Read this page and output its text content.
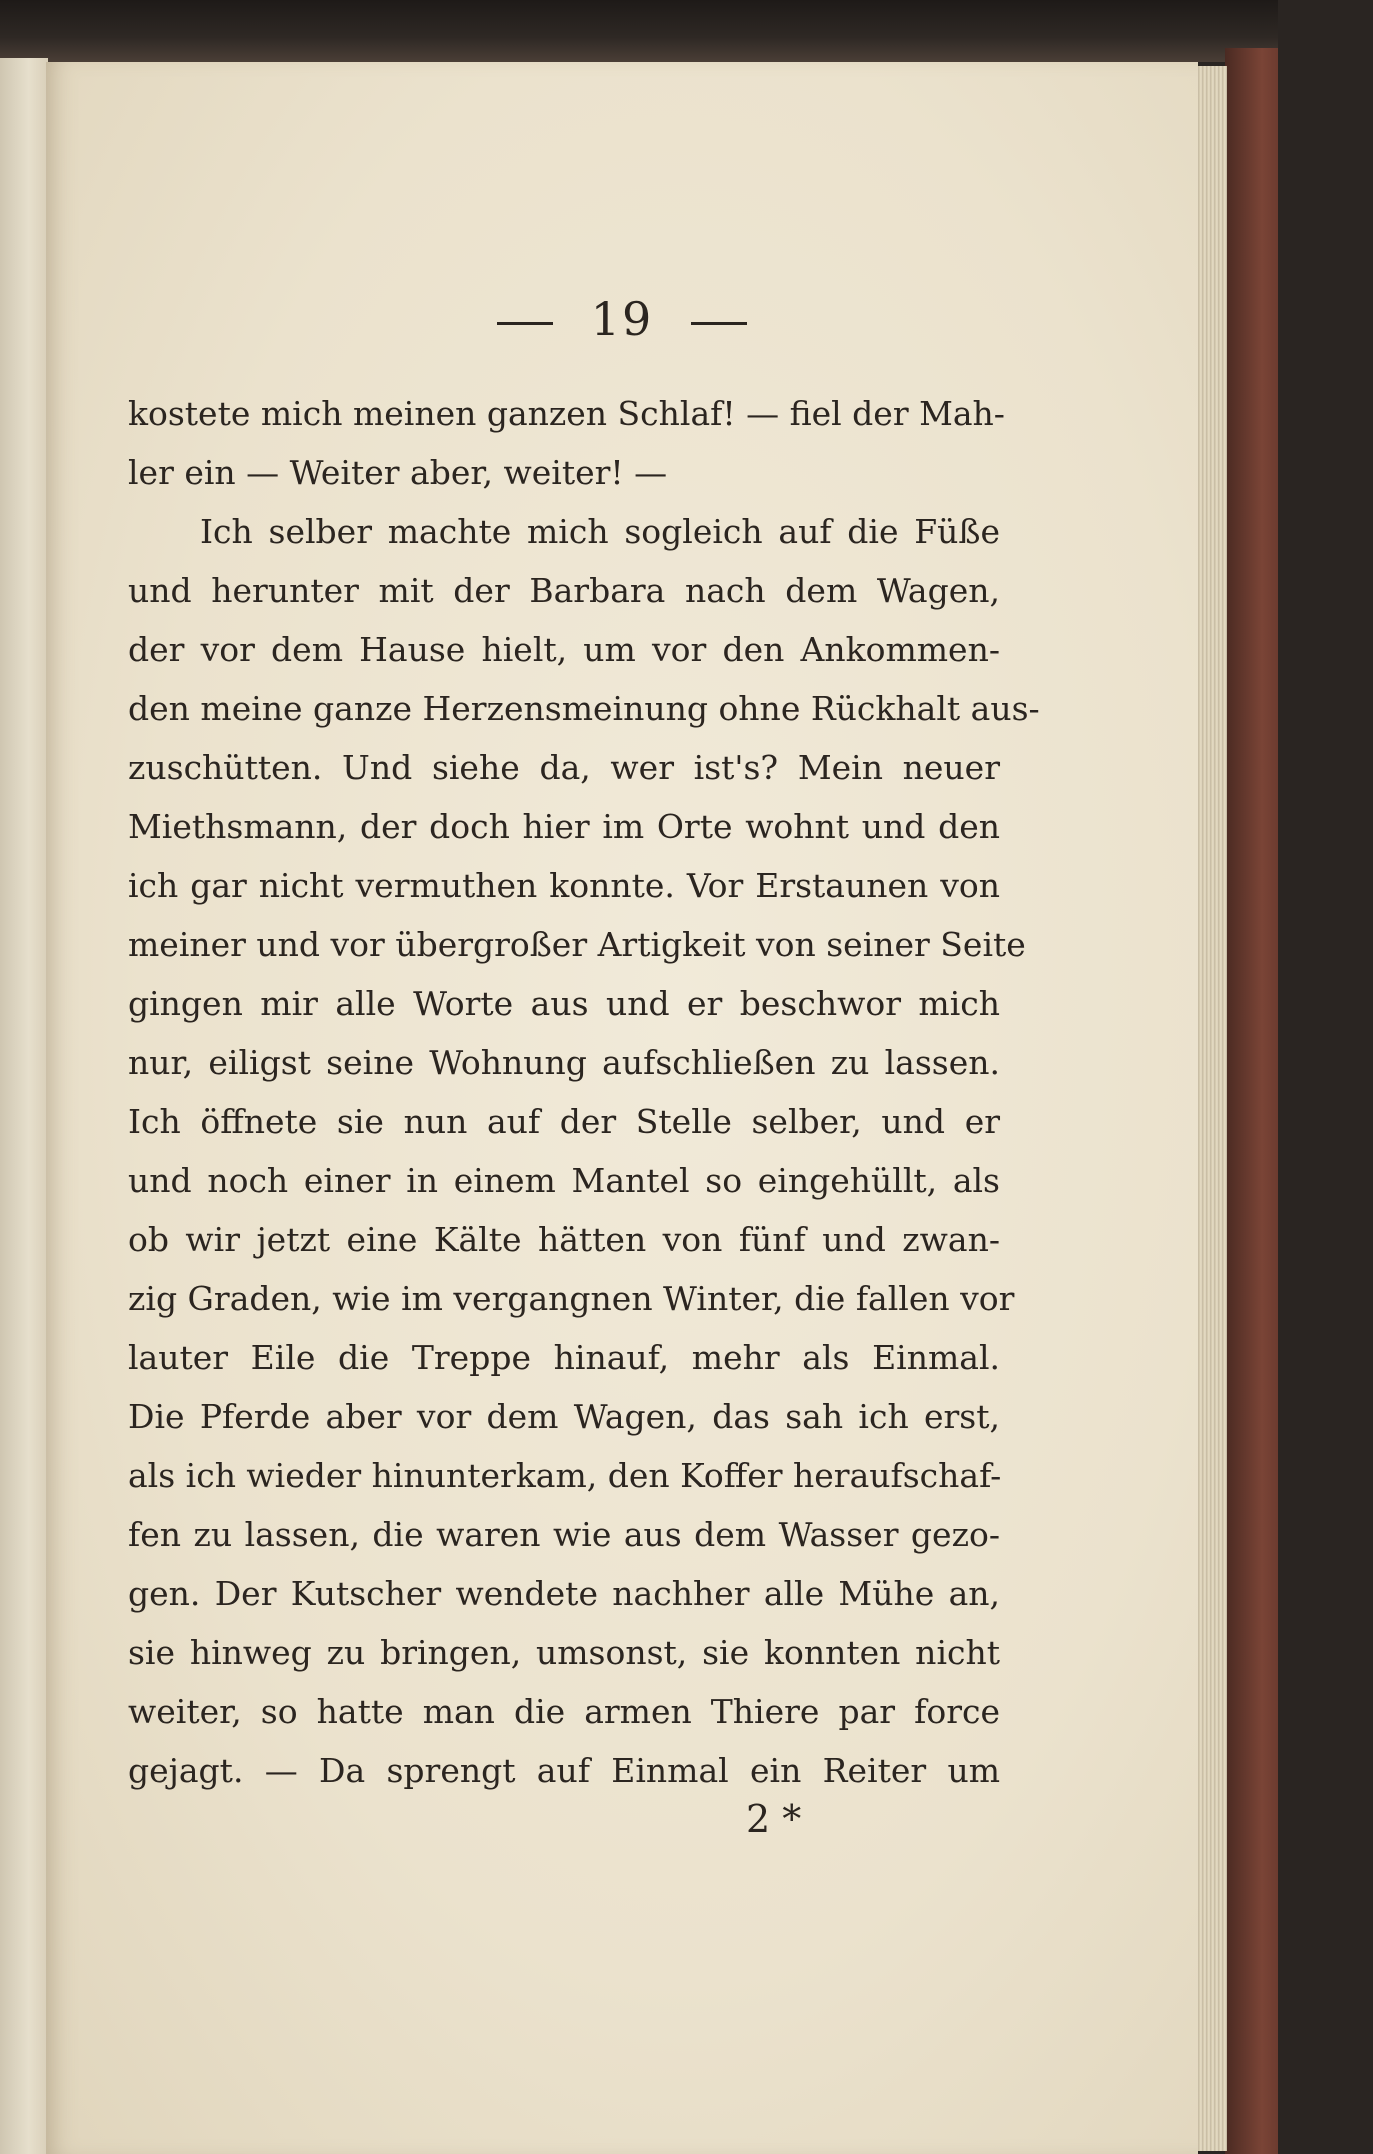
19
kostete mich meinen ganzen Schlaf! — fiel der Mah-
ler ein — Weiter aber, weiter! —
Ich selber machte mich sogleich auf die Füße
und herunter mit der Barbara nach dem Wagen,
der vor dem Hause hielt, um vor den Ankommen-
den meine ganze Herzensmeinung ohne Rückhalt aus-
zuschütten. Und siehe da, wer ist's? Mein neuer
Miethsmann, der doch hier im Orte wohnt und den
ich gar nicht vermuthen konnte. Vor Erstaunen von
meiner und vor übergroßer Artigkeit von seiner Seite
gingen mir alle Worte aus und er beschwor mich
nur, eiligst seine Wohnung aufschließen zu lassen.
Ich öffnete sie nun auf der Stelle selber, und er
und noch einer in einem Mantel so eingehüllt, als
ob wir jetzt eine Kälte hätten von fünf und zwan-
zig Graden, wie im vergangnen Winter, die fallen vor
lauter Eile die Treppe hinauf, mehr als Einmal.
Die Pferde aber vor dem Wagen, das sah ich erst,
als ich wieder hinunterkam, den Koffer heraufschaf-
fen zu lassen, die waren wie aus dem Wasser gezo-
gen. Der Kutscher wendete nachher alle Mühe an,
sie hinweg zu bringen, umsonst, sie konnten nicht
weiter, so hatte man die armen Thiere par force
gejagt. — Da sprengt auf Einmal ein Reiter um
2 *
